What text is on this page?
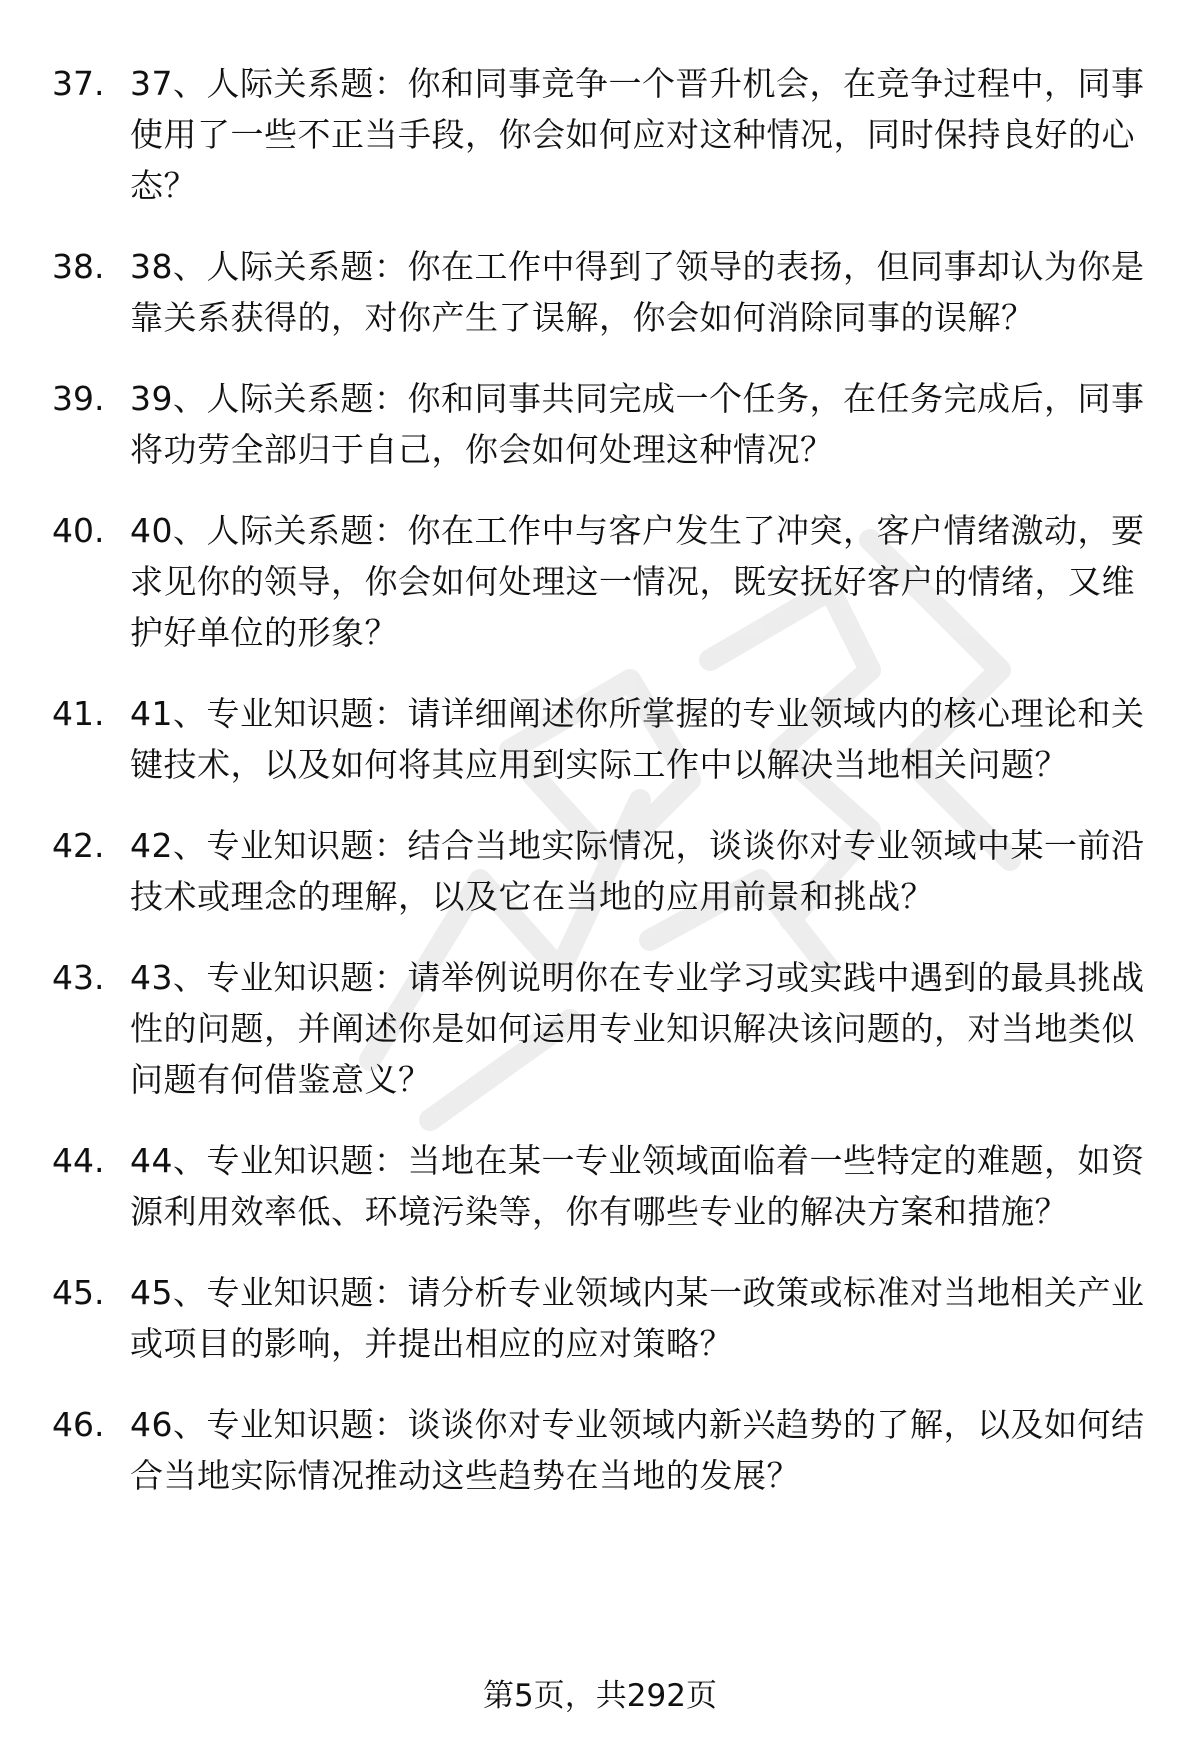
37. 37、人际关系题：你和同事竞争一个晋升机会，在竞争过程中，同事使用了一些不正当手段，你会如何应对这种情况，同时保持良好的心态？
38. 38、人际关系题：你在工作中得到了领导的表扬，但同事却认为你是靠关系获得的，对你产生了误解，你会如何消除同事的误解？
39. 39、人际关系题：你和同事共同完成一个任务，在任务完成后，同事将功劳全部归于自己，你会如何处理这种情况？
40. 40、人际关系题：你在工作中与客户发生了冲突，客户情绪激动，要求见你的领导，你会如何处理这一情况，既安抚好客户的情绪，又维护好单位的形象？
41. 41、专业知识题：请详细阐述你所掌握的专业领域内的核心理论和关键技术，以及如何将其应用到实际工作中以解决当地相关问题？
42. 42、专业知识题：结合当地实际情况，谈谈你对专业领域中某一前沿技术或理念的理解，以及它在当地的应用前景和挑战？
43. 43、专业知识题：请举例说明你在专业学习或实践中遇到的最具挑战性的问题，并阐述你是如何运用专业知识解决该问题的，对当地类似问题有何借鉴意义？
44. 44、专业知识题：当地在某一专业领域面临着一些特定的难题，如资源利用效率低、环境污染等，你有哪些专业的解决方案和措施？
45. 45、专业知识题：请分析专业领域内某一政策或标准对当地相关产业或项目的影响，并提出相应的应对策略？
46. 46、专业知识题：谈谈你对专业领域内新兴趋势的了解，以及如何结合当地实际情况推动这些趋势在当地的发展？
第5页，共292页
